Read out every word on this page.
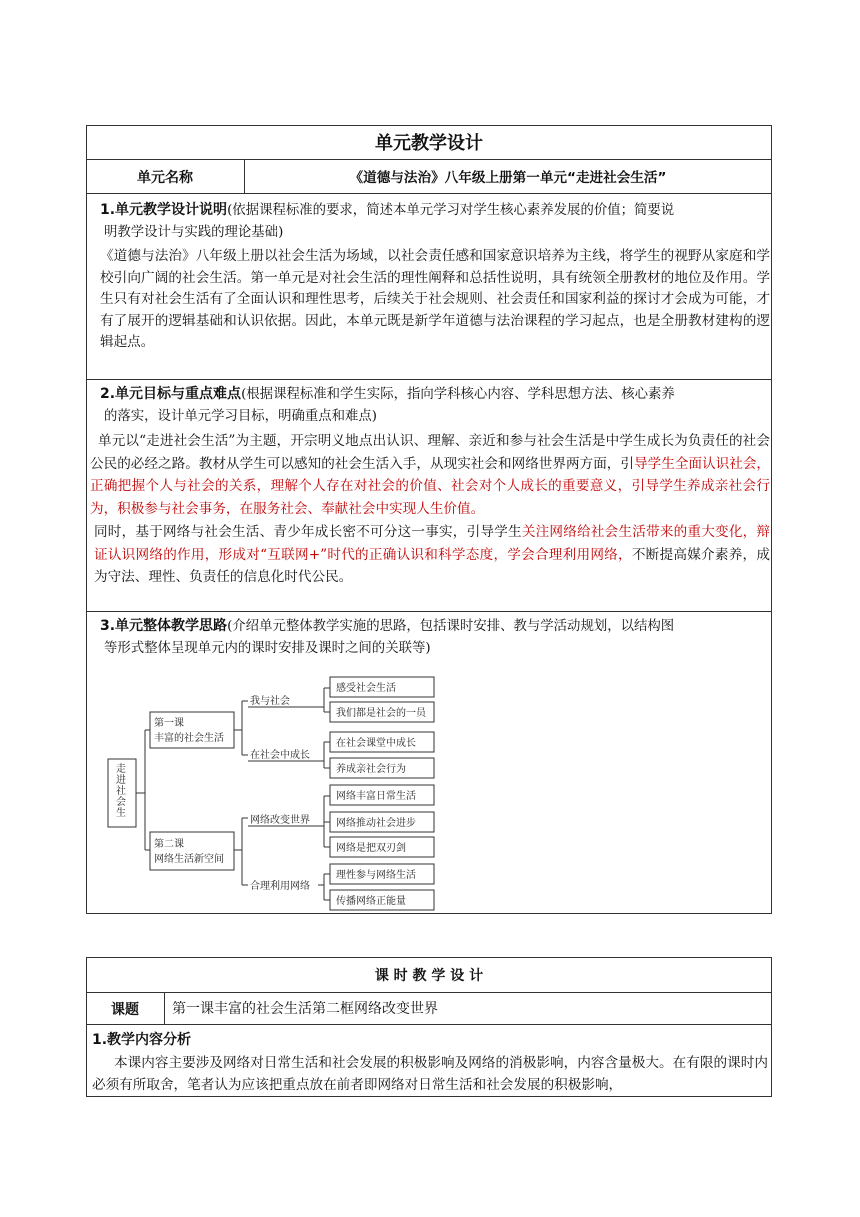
单元教学设计
单元名称	《道德与法治》八年级上册第一单元“走进社会生活”
1.单元教学设计说明(依据课程标准的要求，简述本单元学习对学生核心素养发展的价值；简要说
明教学设计与实践的理论基础)
《道德与法治》八年级上册以社会生活为场域，以社会责任感和国家意识培养为主线，将学生的视野从家庭和学校引向广阔的社会生活。第一单元是对社会生活的理性阐释和总括性说明，具有统领全册教材的地位及作用。学生只有对社会生活有了全面认识和理性思考，后续关于社会规则、社会责任和国家利益的探讨才会成为可能，才有了展开的逻辑基础和认识依据。因此，本单元既是新学年道德与法治课程的学习起点，也是全册教材建构的逻辑起点。
2.单元目标与重点难点(根据课程标准和学生实际，指向学科核心内容、学科思想方法、核心素养
的落实，设计单元学习目标，明确重点和难点)
单元以“走进社会生活”为主题，开宗明义地点出认识、理解、亲近和参与社会生活是中学生成长为负责任的社会公民的必经之路。教材从学生可以感知的社会生活入手，从现实社会和网络世界两方面，引导学生全面认识社会，正确把握个人与社会的关系，理解个人存在对社会的价值、社会对个人成长的重要意义，引导学生养成亲社会行为，积极参与社会事务，在服务社会、奉献社会中实现人生价值。
同时，基于网络与社会生活、青少年成长密不可分这一事实，引导学生关注网络给社会生活带来的重大变化，辩证认识网络的作用，形成对“互联网+”时代的正确认识和科学态度，学会合理利用网络，不断提高媒介素养，成为守法、理性、负责任的信息化时代公民。
3.单元整体教学思路(介绍单元整体教学实施的思路，包括课时安排、教与学活动规划，以结构图
等形式整体呈现单元内的课时安排及课时之间的关联等)
走
进
社
会
生
第一课
丰富的社会生活
第二课
网络生活新空间
我与社会
在社会中成长
网络改变世界
合理利用网络
感受社会生活
我们都是社会的一员
在社会课堂中成长
养成亲社会行为
网络丰富日常生活
网络推动社会进步
网络是把双刃剑
理性参与网络生活
传播网络正能量
课 时 教 学 设 计
课题	第一课丰富的社会生活第二框网络改变世界
1.教学内容分析
本课内容主要涉及网络对日常生活和社会发展的积极影响及网络的消极影响，内容含量极大。在有限的课时内必须有所取舍，笔者认为应该把重点放在前者即网络对日常生活和社会发展的积极影响，
